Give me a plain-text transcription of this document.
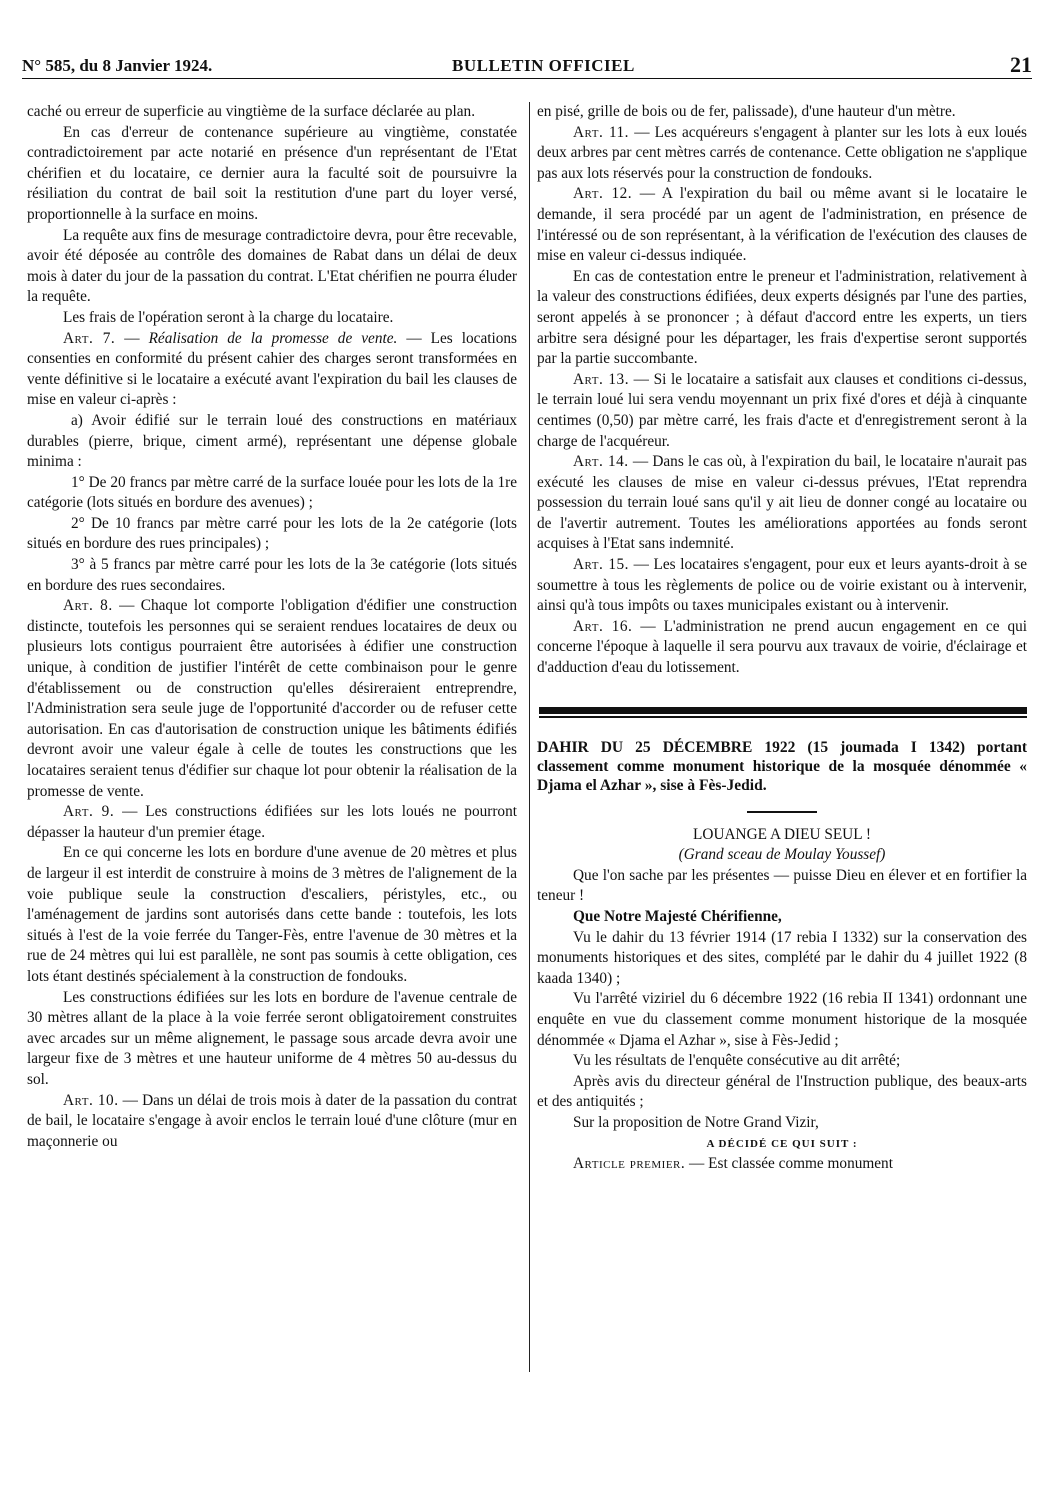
N° 585, du 8 Janvier 1924.	BULLETIN OFFICIEL	21

caché ou erreur de superficie au vingtième de la surface déclarée au plan.

En cas d'erreur de contenance supérieure au vingtième, constatée contradictoirement par acte notarié en présence d'un représentant de l'Etat chérifien et du locataire, ce dernier aura la faculté soit de poursuivre la résiliation du contrat de bail soit la restitution d'une part du loyer versé, proportionnelle à la surface en moins.

La requête aux fins de mesurage contradictoire devra, pour être recevable, avoir été déposée au contrôle des domaines de Rabat dans un délai de deux mois à dater du jour de la passation du contrat. L'Etat chérifien ne pourra éluder la requête.

Les frais de l'opération seront à la charge du locataire.

Art. 7. — Réalisation de la promesse de vente. — Les locations consenties en conformité du présent cahier des charges seront transformées en vente définitive si le locataire a exécuté avant l'expiration du bail les clauses de mise en valeur ci-après :

a) Avoir édifié sur le terrain loué des constructions en matériaux durables (pierre, brique, ciment armé), représentant une dépense globale minima :

1° De 20 francs par mètre carré de la surface louée pour les lots de la 1re catégorie (lots situés en bordure des avenues) ;

2° De 10 francs par mètre carré pour les lots de la 2e catégorie (lots situés en bordure des rues principales) ;

3° à 5 francs par mètre carré pour les lots de la 3e catégorie (lots situés en bordure des rues secondaires.

Art. 8. — Chaque lot comporte l'obligation d'édifier une construction distincte, toutefois les personnes qui se seraient rendues locataires de deux ou plusieurs lots contigus pourraient être autorisées à édifier une construction unique, à condition de justifier l'intérêt de cette combinaison pour le genre d'établissement ou de construction qu'elles désireraient entreprendre, l'Administration sera seule juge de l'opportunité d'accorder ou de refuser cette autorisation. En cas d'autorisation de construction unique les bâtiments édifiés devront avoir une valeur égale à celle de toutes les constructions que les locataires seraient tenus d'édifier sur chaque lot pour obtenir la réalisation de la promesse de vente.

Art. 9. — Les constructions édifiées sur les lots loués ne pourront dépasser la hauteur d'un premier étage.

En ce qui concerne les lots en bordure d'une avenue de 20 mètres et plus de largeur il est interdit de construire à moins de 3 mètres de l'alignement de la voie publique seule la construction d'escaliers, péristyles, etc., ou l'aménagement de jardins sont autorisés dans cette bande : toutefois, les lots situés à l'est de la voie ferrée du Tanger-Fès, entre l'avenue de 30 mètres et la rue de 24 mètres qui lui est parallèle, ne sont pas soumis à cette obligation, ces lots étant destinés spécialement à la construction de fondouks.

Les constructions édifiées sur les lots en bordure de l'avenue centrale de 30 mètres allant de la place à la voie ferrée seront obligatoirement construites avec arcades sur un même alignement, le passage sous arcade devra avoir une largeur fixe de 3 mètres et une hauteur uniforme de 4 mètres 50 au-dessus du sol.

Art. 10. — Dans un délai de trois mois à dater de la passation du contrat de bail, le locataire s'engage à avoir enclos le terrain loué d'une clôture (mur en maçonnerie ou

en pisé, grille de bois ou de fer, palissade), d'une hauteur d'un mètre.

Art. 11. — Les acquéreurs s'engagent à planter sur les lots à eux loués deux arbres par cent mètres carrés de contenance. Cette obligation ne s'applique pas aux lots réservés pour la construction de fondouks.

Art. 12. — A l'expiration du bail ou même avant si le locataire le demande, il sera procédé par un agent de l'administration, en présence de l'intéressé ou de son représentant, à la vérification de l'exécution des clauses de mise en valeur ci-dessus indiquée.

En cas de contestation entre le preneur et l'administration, relativement à la valeur des constructions édifiées, deux experts désignés par l'une des parties, seront appelés à se prononcer ; à défaut d'accord entre les experts, un tiers arbitre sera désigné pour les départager, les frais d'expertise seront supportés par la partie succombante.

Art. 13. — Si le locataire a satisfait aux clauses et conditions ci-dessus, le terrain loué lui sera vendu moyennant un prix fixé d'ores et déjà à cinquante centimes (0,50) par mètre carré, les frais d'acte et d'enregistrement seront à la charge de l'acquéreur.

Art. 14. — Dans le cas où, à l'expiration du bail, le locataire n'aurait pas exécuté les clauses de mise en valeur ci-dessus prévues, l'Etat reprendra possession du terrain loué sans qu'il y ait lieu de donner congé au locataire ou de l'avertir autrement. Toutes les améliorations apportées au fonds seront acquises à l'Etat sans indemnité.

Art. 15. — Les locataires s'engagent, pour eux et leurs ayants-droit à se soumettre à tous les règlements de police ou de voirie existant ou à intervenir, ainsi qu'à tous impôts ou taxes municipales existant ou à intervenir.

Art. 16. — L'administration ne prend aucun engagement en ce qui concerne l'époque à laquelle il sera pourvu aux travaux de voirie, d'éclairage et d'adduction d'eau du lotissement.

DAHIR DU 25 DÉCEMBRE 1922 (15 joumada I 1342) portant classement comme monument historique de la mosquée dénommée « Djama el Azhar », sise à Fès-Jedid.

LOUANGE A DIEU SEUL !

(Grand sceau de Moulay Youssef)

Que l'on sache par les présentes — puisse Dieu en élever et en fortifier la teneur !

Que Notre Majesté Chérifienne,

Vu le dahir du 13 février 1914 (17 rebia I 1332) sur la conservation des monuments historiques et des sites, complété par le dahir du 4 juillet 1922 (8 kaada 1340) ;

Vu l'arrêté viziriel du 6 décembre 1922 (16 rebia II 1341) ordonnant une enquête en vue du classement comme monument historique de la mosquée dénommée « Djama el Azhar », sise à Fès-Jedid ;

Vu les résultats de l'enquête consécutive au dit arrêté;

Après avis du directeur général de l'Instruction publique, des beaux-arts et des antiquités ;

Sur la proposition de Notre Grand Vizir,

A DÉCIDÉ CE QUI SUIT :

Article premier. — Est classée comme monument
